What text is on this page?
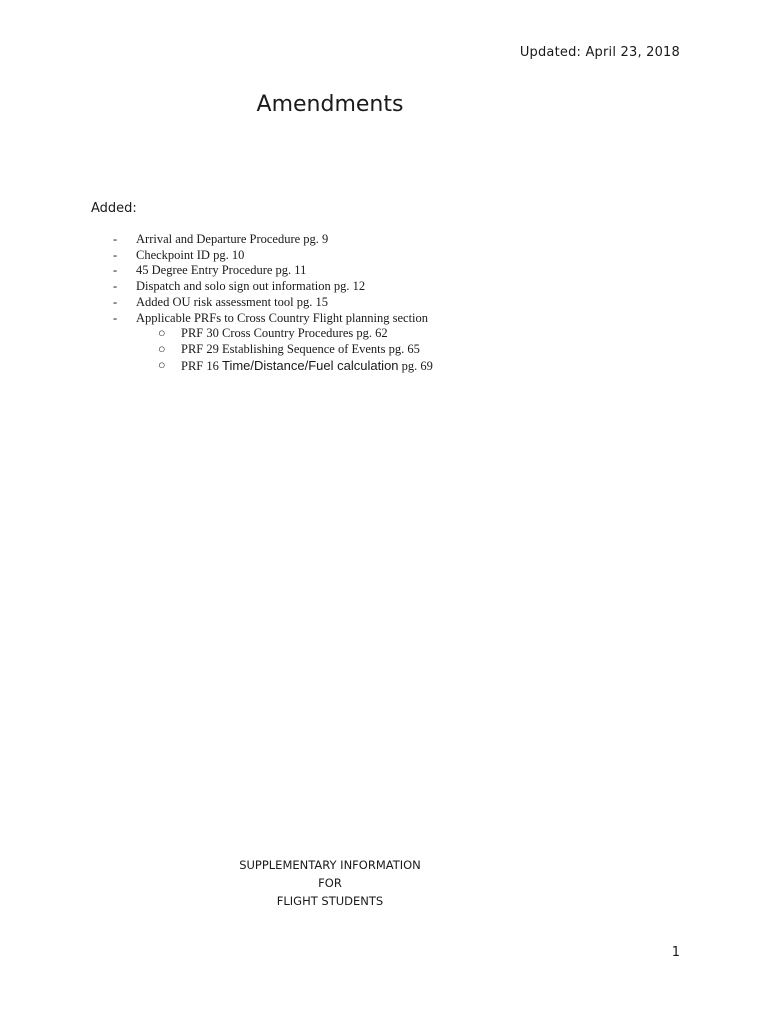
Updated: April 23, 2018
Amendments
Added:
- Arrival and Departure Procedure pg. 9
- Checkpoint ID pg. 10
- 45 Degree Entry Procedure pg. 11
- Dispatch and solo sign out information pg. 12
- Added OU risk assessment tool pg. 15
- Applicable PRFs to Cross Country Flight planning section
○ PRF 30 Cross Country Procedures pg. 62
○ PRF 29 Establishing Sequence of Events pg. 65
○ PRF 16 Time/Distance/Fuel calculation pg. 69
SUPPLEMENTARY INFORMATION
FOR
FLIGHT STUDENTS
1
